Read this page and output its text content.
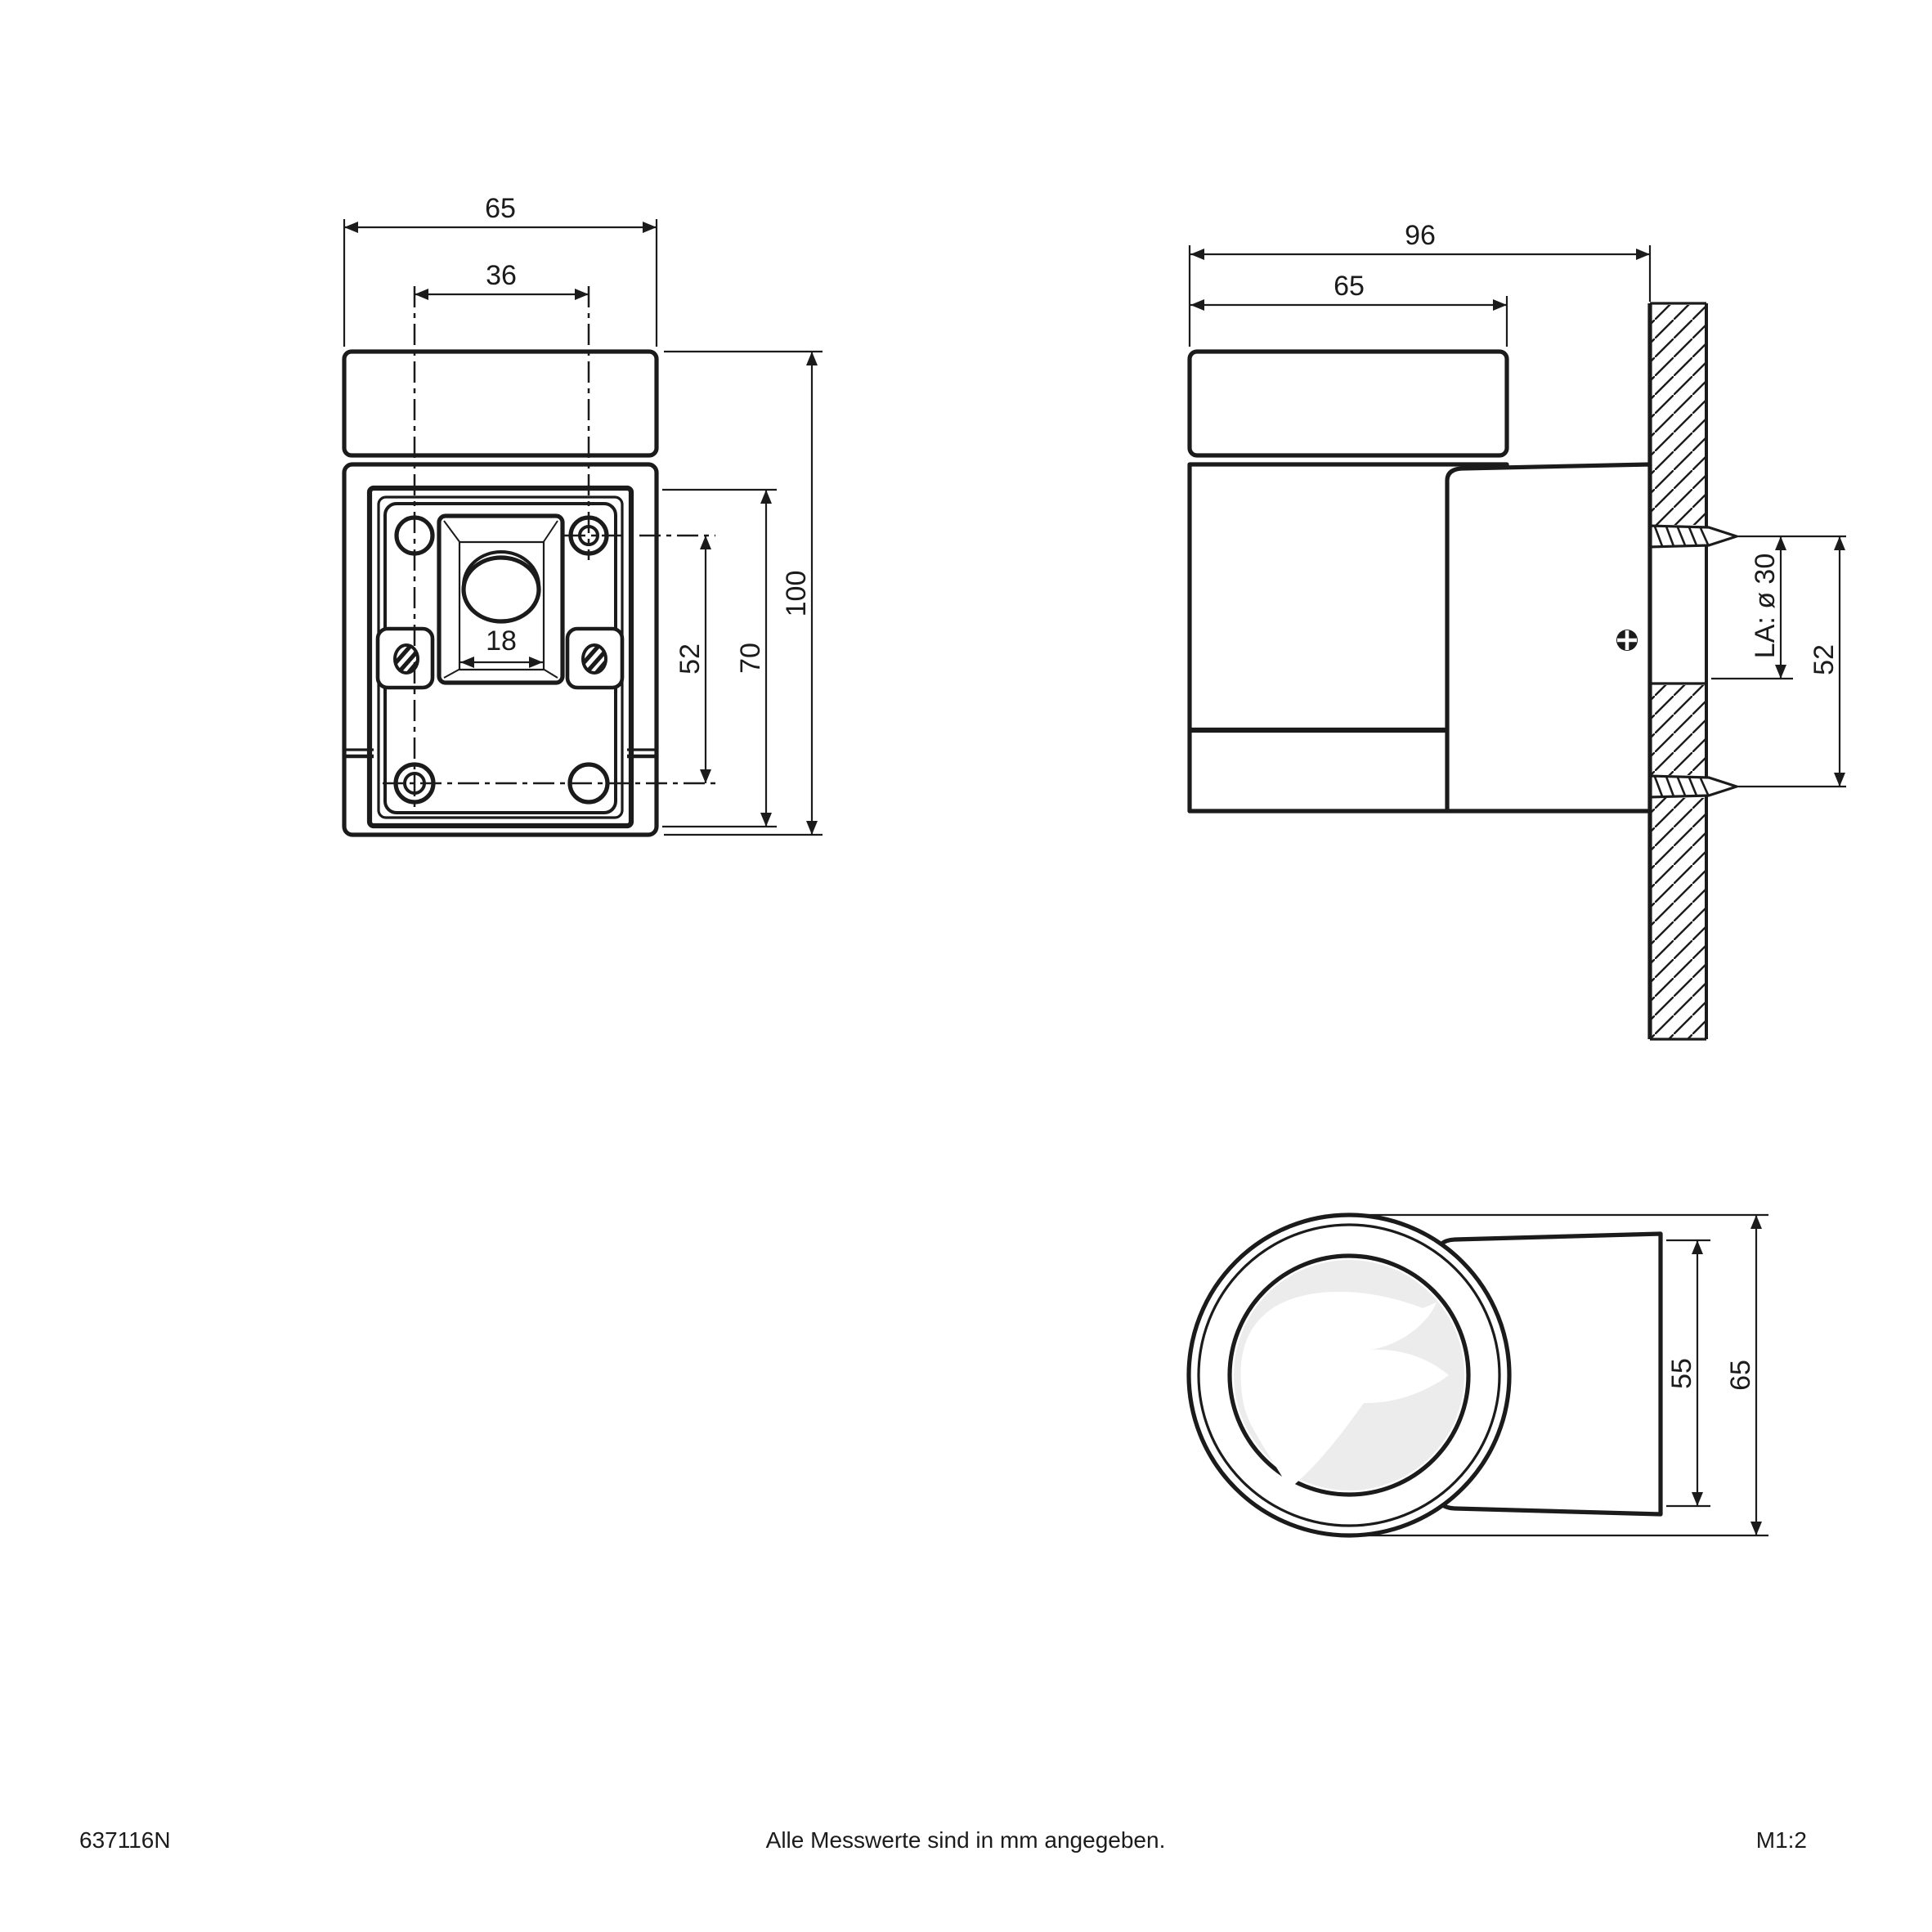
65
36
100
70
52
18
96
65
LA: ø 30
52
55 65
637116N	Alle Messwerte sind in mm angegeben.	M1:2
